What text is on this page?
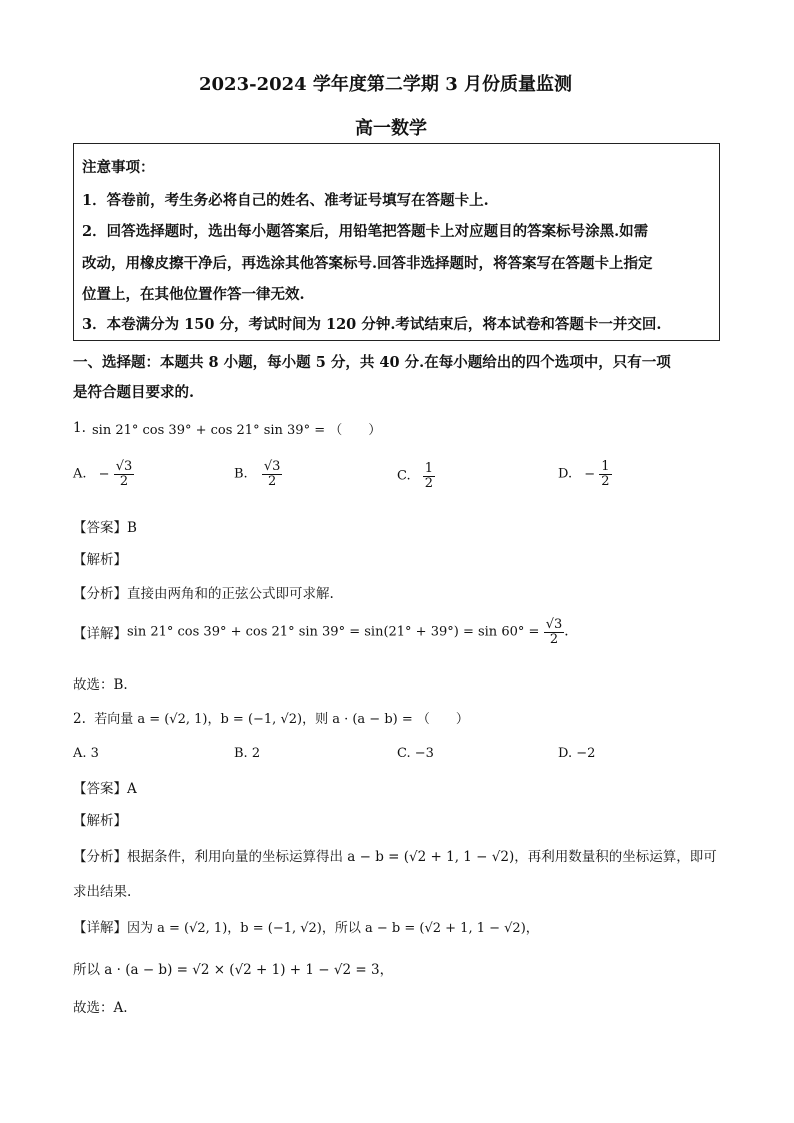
2023-2024 学年度第二学期 3 月份质量监测
高一数学
注意事项：
1．答卷前，考生务必将自己的姓名、准考证号填写在答题卡上.
2．回答选择题时，选出每小题答案后，用铅笔把答题卡上对应题目的答案标号涂黑.如需
改动，用橡皮擦干净后，再选涂其他答案标号.回答非选择题时，将答案写在答题卡上指定
位置上，在其他位置作答一律无效.
3．本卷满分为 150 分，考试时间为 120 分钟.考试结束后，将本试卷和答题卡一并交回.
一、选择题：本题共 8 小题，每小题 5 分，共 40 分.在每小题给出的四个选项中，只有一项
是符合题目要求的.
1. sin 21° cos 39° + cos 21° sin 39° = （　　）
A. − $\frac{√3}{2}$	B. $\frac{√3}{2}$	C. $\frac{1}{2}$	D. − $\frac{1}{2}$
【答案】B
【解析】
【分析】直接由两角和的正弦公式即可求解.
【详解】sin 21° cos 39° + cos 21° $\sin 39^\circ = \sin(21^\circ + 39^\circ) = \sin 60^\circ = \frac{√3}{2}$ .
故选：B.
2. 若向量 a = (√2, 1)，b = (−1, √2)，则 a · (a − b) = （　　）
A. 3	B. 2	C. −3	D. −2
【答案】A
【解析】
【分析】根据条件，利用向量的坐标运算得出 a − b = (√2 + 1, 1 − √2)，再利用数量积的坐标运算，即可
求出结果.
【详解】因为 a = (√2, 1)，b = (−1, √2)，所以 a − b = (√2 + 1, 1 − √2)，
所以 a · (a − b) = √2 × (√2 + 1) + 1 − √2 = 3，
故选：A.
